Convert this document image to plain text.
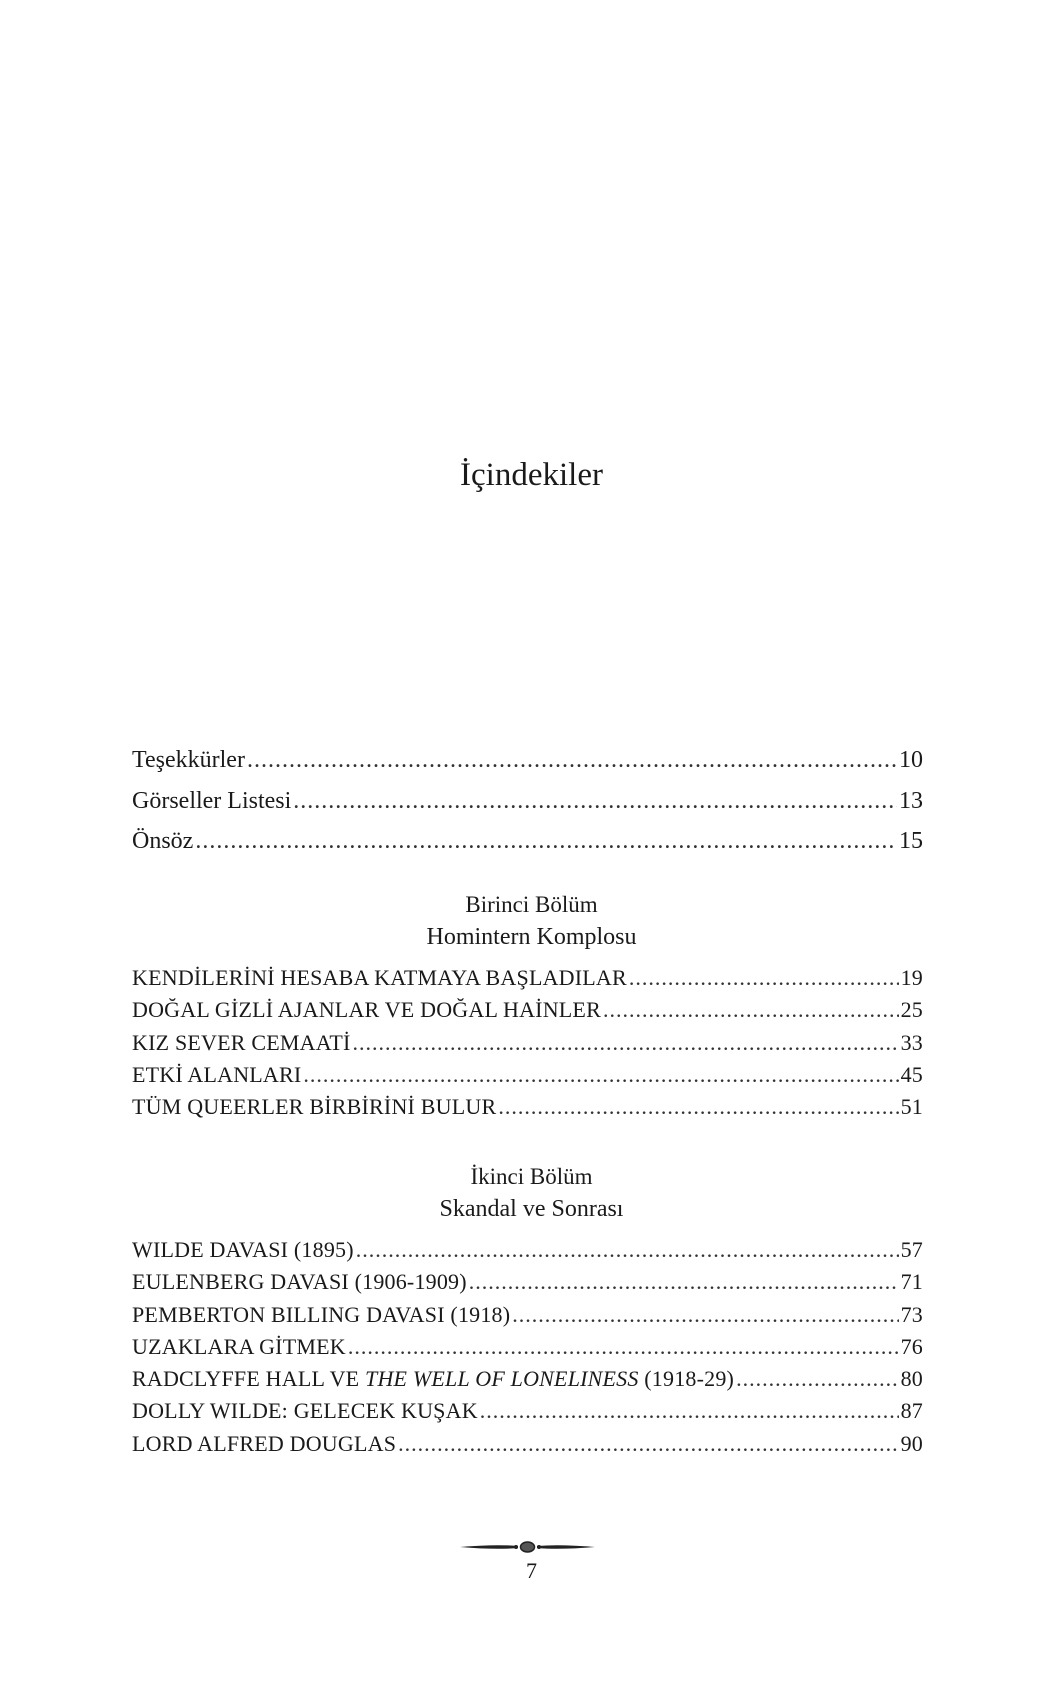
İçindekiler
Teşekkürler .....	10
Görseller Listesi .....	13
Önsöz .....	15
Birinci Bölüm
Homintern Komplosu
KENDİLERİNİ HESABA KATMAYA BAŞLADILAR .....	19
DOĞAL GİZLİ AJANLAR VE DOĞAL HAİNLER .....	25
KIZ SEVER CEMAATİ .....	33
ETKİ ALANLARI .....	45
TÜM QUEERLER BİRBİRİNİ BULUR .....	51
İkinci Bölüm
Skandal ve Sonrası
WILDE DAVASI (1895) .....	57
EULENBERG DAVASI (1906-1909) .....	71
PEMBERTON BILLING DAVASI (1918) .....	73
UZAKLARA GİTMEK .....	76
RADCLYFFE HALL VE THE WELL OF LONELINESS (1918-29) .....	80
DOLLY WILDE: GELECEK KUŞAK .....	87
LORD ALFRED DOUGLAS .....	90
7
